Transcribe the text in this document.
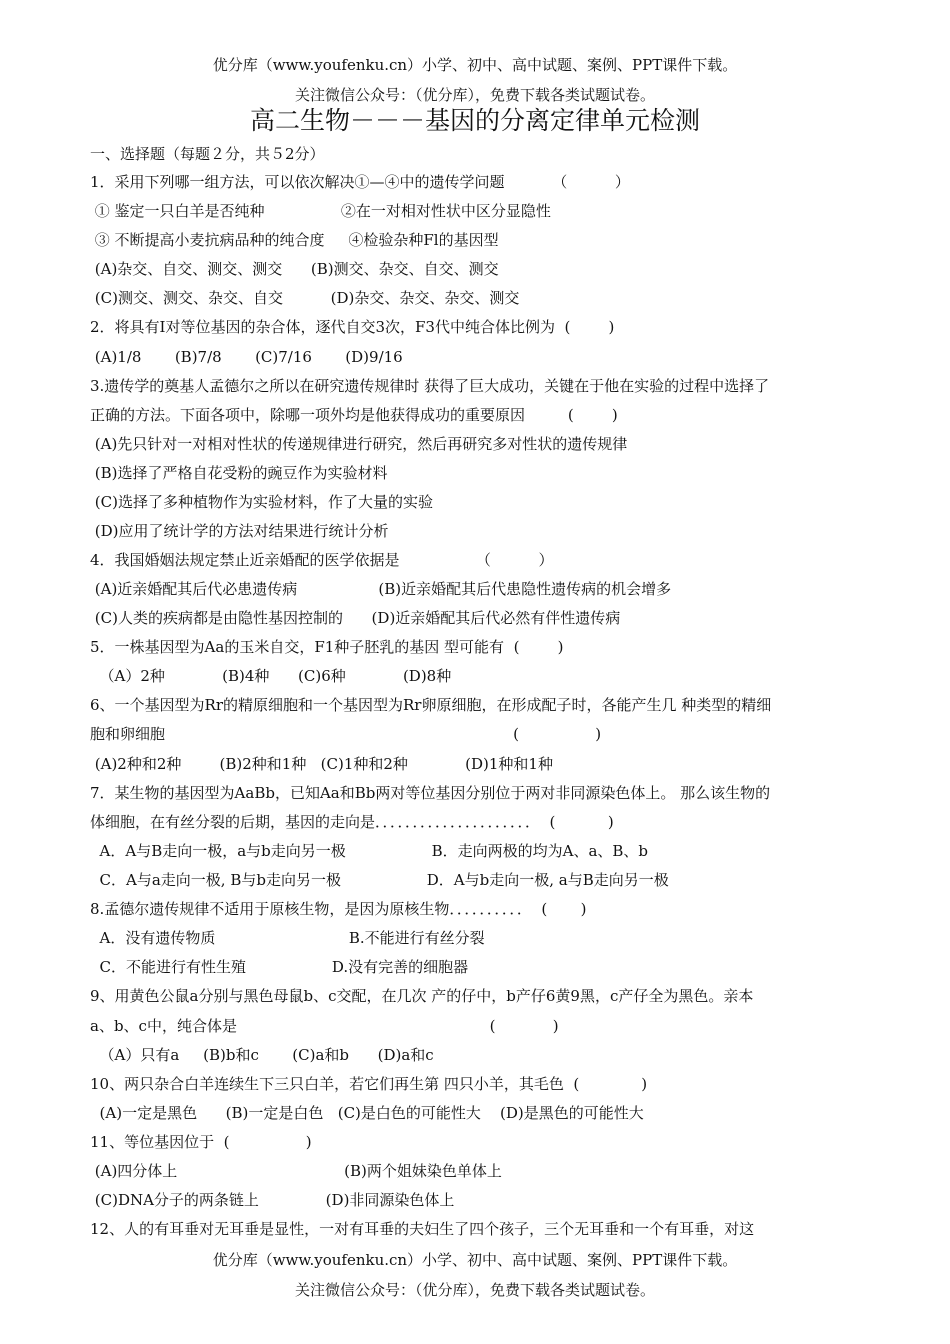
优分库（www.youfenku.cn）小学、初中、高中试题、案例、PPT课件下载。
关注微信公众号：（优分库），免费下载各类试题试卷。
高二生物－－－基因的分离定律单元检测
一、选择题（每题２分，共５2分）
1．采用下列哪一组方法，可以依次解决①—④中的遗传学问题          （          ）
① 鉴定一只白羊是否纯种                ②在一对相对性状中区分显隐性
③ 不断提高小麦抗病品种的纯合度     ④检验杂种Fl的基因型
(A)杂交、自交、测交、测交      (B)测交、杂交、自交、测交
(C)测交、测交、杂交、自交          (D)杂交、杂交、杂交、测交
2．将具有I对等位基因的杂合体，逐代自交3次，F3代中纯合体比例为  (        )
(A)1/8       (B)7/8       (C)7/16       (D)9/16
3.遗传学的奠基人孟德尔之所以在研究遗传规律时 获得了巨大成功，关键在于他在实验的过程中选择了
正确的方法。下面各项中，除哪一项外均是他获得成功的重要原因         (        )
(A)先只针对一对相对性状的传递规律进行研究，然后再研究多对性状的遗传规律
(B)选择了严格自花受粉的豌豆作为实验材料
(C)选择了多种植物作为实验材料，作了大量的实验
(D)应用了统计学的方法对结果进行统计分析
4．我国婚姻法规定禁止近亲婚配的医学依据是                （          ）
(A)近亲婚配其后代必患遗传病                 (B)近亲婚配其后代患隐性遗传病的机会增多
(C)人类的疾病都是由隐性基因控制的      (D)近亲婚配其后代必然有伴性遗传病
5．一株基因型为Aa的玉米自交，F1种子胚乳的基因 型可能有  (        )
（A）2种            (B)4种      (C)6种            (D)8种
6、一个基因型为Rr的精原细胞和一个基因型为Rr卵原细胞，在形成配子时，各能产生几 种类型的精细
胞和卵细胞                                                                         (                )
(A)2种和2种        (B)2种和1种   (C)1种和2种            (D)1种和1种
7．某生物的基因型为AaBb，已知Aa和Bb两对等位基因分别位于两对非同源染色体上。 那么该生物的
体细胞，在有丝分裂的后期，基因的走向是．．．．．．．．．．．．．．．．．．．．．  (           )
A．A与B走向一极，a与b走向另一极                  B．走向两极的均为A、a、B、b
C．A与a走向一极, B与b走向另一极                  D．A与b走向一极, a与B走向另一极
8.孟德尔遗传规律不适用于原核生物，是因为原核生物．．．．．．．．．．  (       )
A．没有遗传物质                            B.不能进行有丝分裂
C．不能进行有性生殖                  D.没有完善的细胞器
9、用黄色公鼠a分别与黑色母鼠b、c交配，在几次 产的仔中，b产仔6黄9黑，c产仔全为黑色。亲本
a、b、c中，纯合体是                                                     (            )
（A）只有a     (B)b和c       (C)a和b      (D)a和c
10、两只杂合白羊连续生下三只白羊，若它们再生第 四只小羊，其毛色  (             )
(A)一定是黑色      (B)一定是白色   (C)是白色的可能性大    (D)是黑色的可能性大
11、等位基因位于  (                )
(A)四分体上                                   (B)两个姐妹染色单体上
(C)DNA分子的两条链上              (D)非同源染色体上
12、人的有耳垂对无耳垂是显性，一对有耳垂的夫妇生了四个孩子，三个无耳垂和一个有耳垂，对这
优分库（www.youfenku.cn）小学、初中、高中试题、案例、PPT课件下载。
关注微信公众号：（优分库），免费下载各类试题试卷。
